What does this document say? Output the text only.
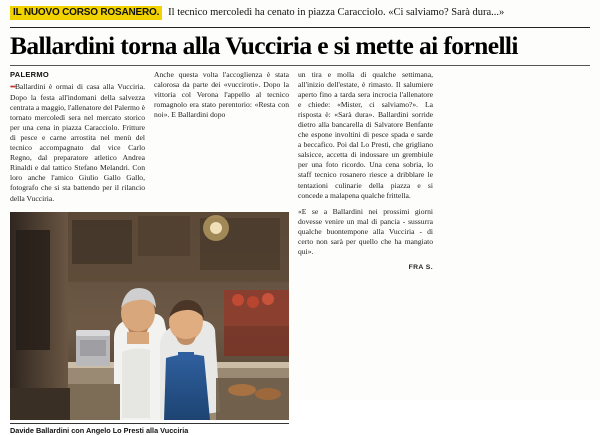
IL NUOVO CORSO ROSANERO. Il tecnico mercoledì ha cenato in piazza Caracciolo. «Ci salviamo? Sarà dura...»
Ballardini torna alla Vucciria e si mette ai fornelli
PALERMO

•••Ballardini è ormai di casa alla Vucciria. Dopo la festa all'indomani della salvezza centrata a maggio, l'allenatore del Palermo è tornato mercoledì sera nel mercato storico per una cena in piazza Caracciolo. Fritture di pesce e carne arrostita nel menù del tecnico accompagnato dal vice Carlo Regno, dal preparatore atletico Andrea Rinaldi e dal tattico Stefano Melandri. Con loro anche l'amico Giulio Gallo Gallo, fotografo che si sta battendo per il rilancio della Vucciria.

Anche questa volta l'accoglienza è stata calorosa da parte dei «vucciroti». Dopo la vittoria col Verona l'appello al tecnico romagnolo era stato perentorio: «Resta con noi». E Ballardini dopo

Davide Ballardini con Angelo Lo Presti alla Vucciria

un tira e molla di qualche settimana, all'inizio dell'estate, è rimasto. Il salumiere aperto fino a tarda sera incrocia l'allenatore e chiede: «Mister, ci salviamo?». La risposta è: «Sarà dura». Ballardini sorride dietro alla bancarella di Salvatore Benfante che espone involtini di pesce spada e sarde a beccafico. Poi dal Lo Presti, che grigliano salsicce, accetta di indossare un grembiule per una foto ricordo. Una cena sobria, lo staff tecnico rosanero riesce a dribblare le tentazioni culinarie della piazza e si concede a malapena qualche frittella.

«E se a Ballardini nei prossimi giorni dovesse venire un mal di pancia - sussurra qualche buontempone alla Vucciria - di certo non sarà per quello che ha mangiato qui».

FRA S.
